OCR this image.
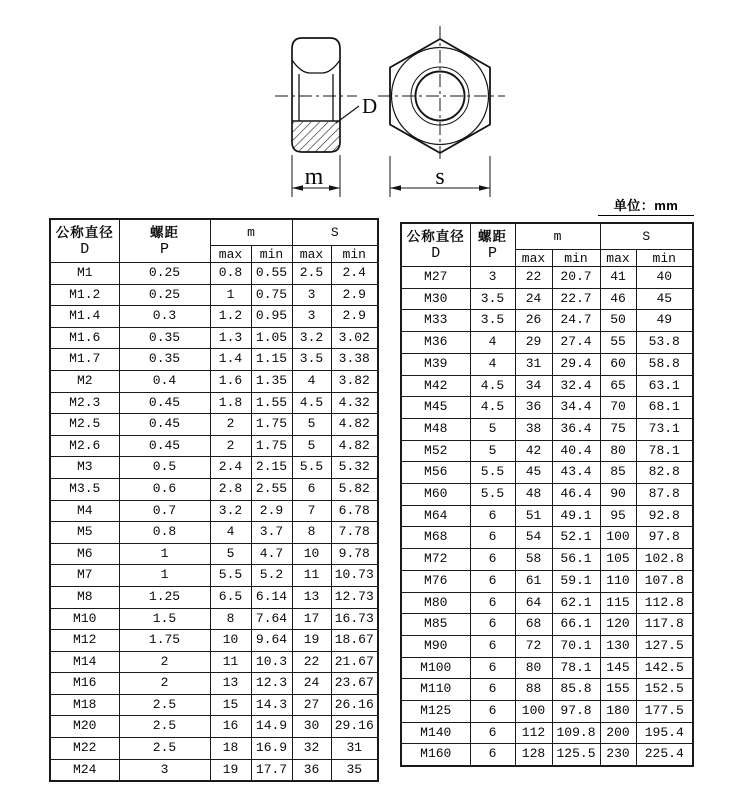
D
m	s
单位：mm
公称直径
D	螺距
P	m		S	
		max	min	max	min
M1	0.25	0.8	0.55	2.5	2.4
M1.2	0.25	1	0.75	3	2.9
M1.4	0.3	1.2	0.95	3	2.9
M1.6	0.35	1.3	1.05	3.2	3.02
M1.7	0.35	1.4	1.15	3.5	3.38
M2	0.4	1.6	1.35	4	3.82
M2.3	0.45	1.8	1.55	4.5	4.32
M2.5	0.45	2	1.75	5	4.82
M2.6	0.45	2	1.75	5	4.82
M3	0.5	2.4	2.15	5.5	5.32
M3.5	0.6	2.8	2.55	6	5.82
M4	0.7	3.2	2.9	7	6.78
M5	0.8	4	3.7	8	7.78
M6	1	5	4.7	10	9.78
M7	1	5.5	5.2	11	10.73
M8	1.25	6.5	6.14	13	12.73
M10	1.5	8	7.64	17	16.73
M12	1.75	10	9.64	19	18.67
M14	2	11	10.3	22	21.67
M16	2	13	12.3	24	23.67
M18	2.5	15	14.3	27	26.16
M20	2.5	16	14.9	30	29.16
M22	2.5	18	16.9	32	31
M24	3	19	17.7	36	35
公称直径
D	螺距
P	m		S	
		max	min	max	min
M27	3	22	20.7	41	40
M30	3.5	24	22.7	46	45
M33	3.5	26	24.7	50	49
M36	4	29	27.4	55	53.8
M39	4	31	29.4	60	58.8
M42	4.5	34	32.4	65	63.1
M45	4.5	36	34.4	70	68.1
M48	5	38	36.4	75	73.1
M52	5	42	40.4	80	78.1
M56	5.5	45	43.4	85	82.8
M60	5.5	48	46.4	90	87.8
M64	6	51	49.1	95	92.8
M68	6	54	52.1	100	97.8
M72	6	58	56.1	105	102.8
M76	6	61	59.1	110	107.8
M80	6	64	62.1	115	112.8
M85	6	68	66.1	120	117.8
M90	6	72	70.1	130	127.5
M100	6	80	78.1	145	142.5
M110	6	88	85.8	155	152.5
M125	6	100	97.8	180	177.5
M140	6	112	109.8	200	195.4
M160	6	128	125.5	230	225.4
